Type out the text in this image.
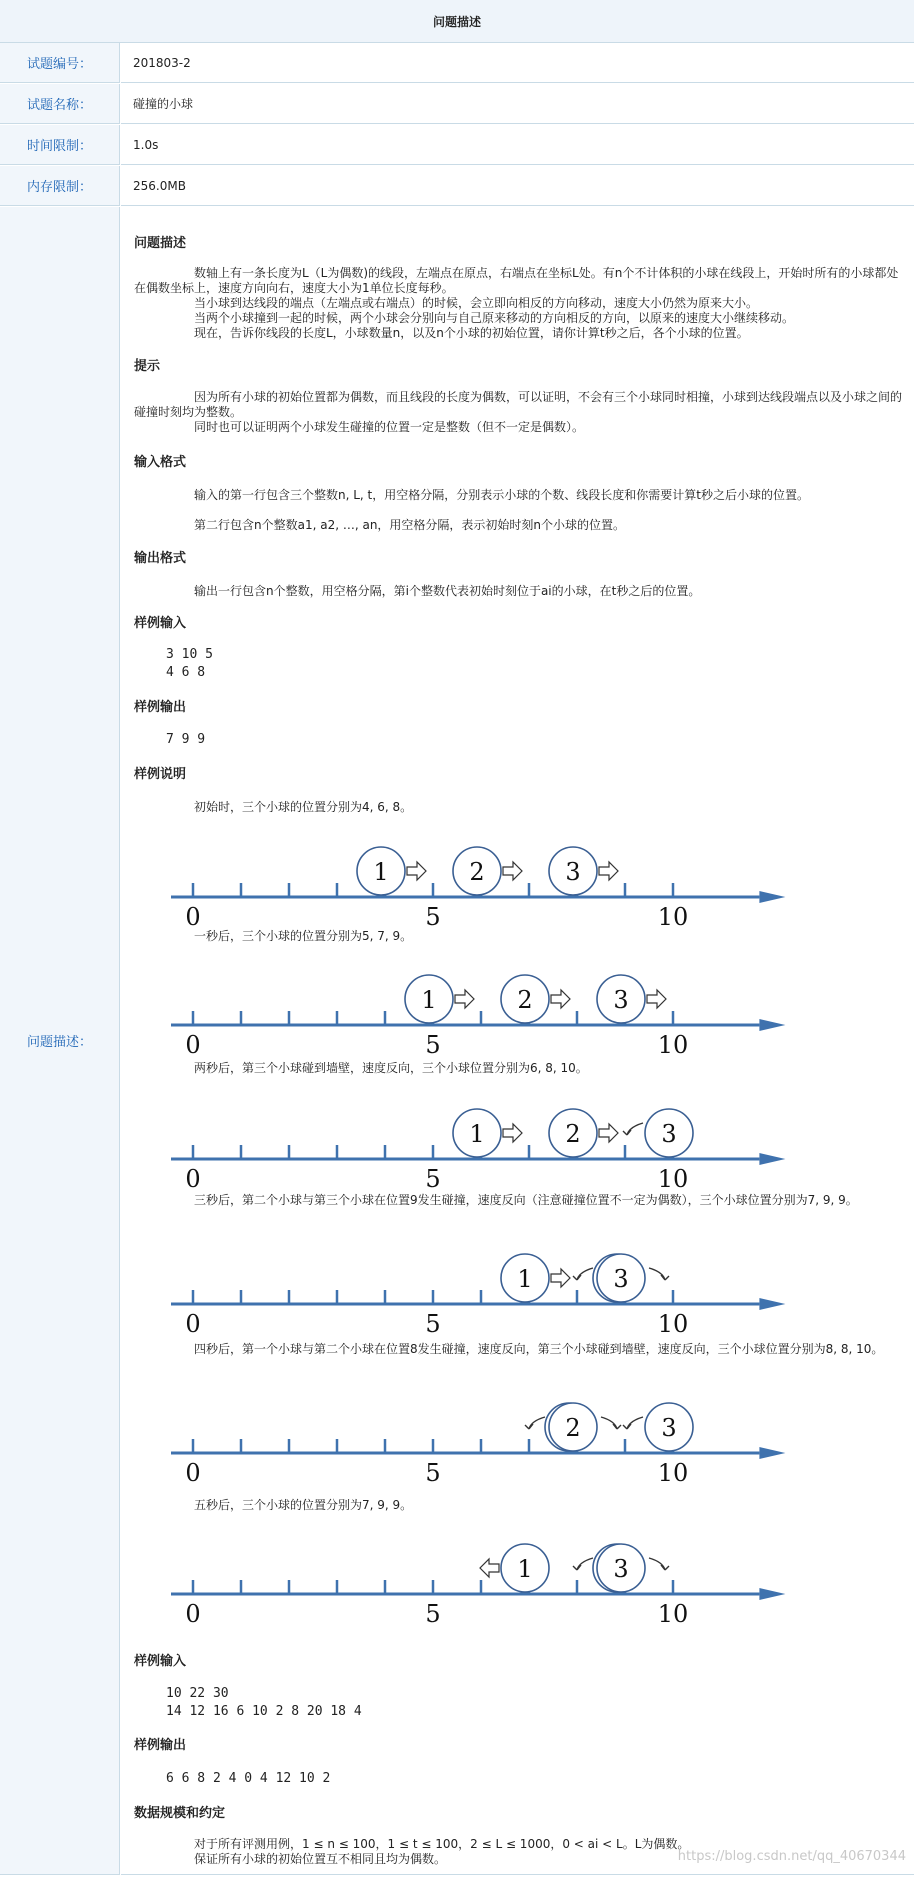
问题描述
试题编号：	201803-2
试题名称：	碰撞的小球
时间限制：	1.0s
内存限制：	256.0MB
问题描述：
问题描述
数轴上有一条长度为L（L为偶数)的线段，左端点在原点，右端点在坐标L处。有n个不计体积的小球在线段上，开始时所有的小球都处在偶数坐标上，速度方向向右，速度大小为1单位长度每秒。
当小球到达线段的端点（左端点或右端点）的时候，会立即向相反的方向移动，速度大小仍然为原来大小。
当两个小球撞到一起的时候，两个小球会分别向与自己原来移动的方向相反的方向，以原来的速度大小继续移动。
现在，告诉你线段的长度L，小球数量n，以及n个小球的初始位置，请你计算t秒之后，各个小球的位置。
提示
因为所有小球的初始位置都为偶数，而且线段的长度为偶数，可以证明，不会有三个小球同时相撞，小球到达线段端点以及小球之间的碰撞时刻均为整数。
同时也可以证明两个小球发生碰撞的位置一定是整数（但不一定是偶数）。
输入格式
输入的第一行包含三个整数n, L, t，用空格分隔，分别表示小球的个数、线段长度和你需要计算t秒之后小球的位置。
第二行包含n个整数a1, a2, …, an，用空格分隔，表示初始时刻n个小球的位置。
输出格式
输出一行包含n个整数，用空格分隔，第i个整数代表初始时刻位于ai的小球，在t秒之后的位置。
样例输入
3 10 5
4 6 8
样例输出
7 9 9
样例说明
初始时，三个小球的位置分别为4, 6, 8。
0	5	10
1	2	3
一秒后，三个小球的位置分别为5, 7, 9。
0	5	10
1	2	3
两秒后，第三个小球碰到墙壁，速度反向，三个小球位置分别为6, 8, 10。
0	5	10
1	2	3
三秒后，第二个小球与第三个小球在位置9发生碰撞，速度反向（注意碰撞位置不一定为偶数），三个小球位置分别为7, 9, 9。
0	5	10
1	3
四秒后，第一个小球与第二个小球在位置8发生碰撞，速度反向，第三个小球碰到墙壁，速度反向，三个小球位置分别为8, 8, 10。
0	5	10
2	3
五秒后，三个小球的位置分别为7, 9, 9。
0	5	10
1	3
样例输入
10 22 30
14 12 16 6 10 2 8 20 18 4
样例输出
6 6 8 2 4 0 4 12 10 2
数据规模和约定
对于所有评测用例，1 ≤ n ≤ 100，1 ≤ t ≤ 100，2 ≤ L ≤ 1000，0 < ai < L。L为偶数。
保证所有小球的初始位置互不相同且均为偶数。	https://blog.csdn.net/qq_40670344
